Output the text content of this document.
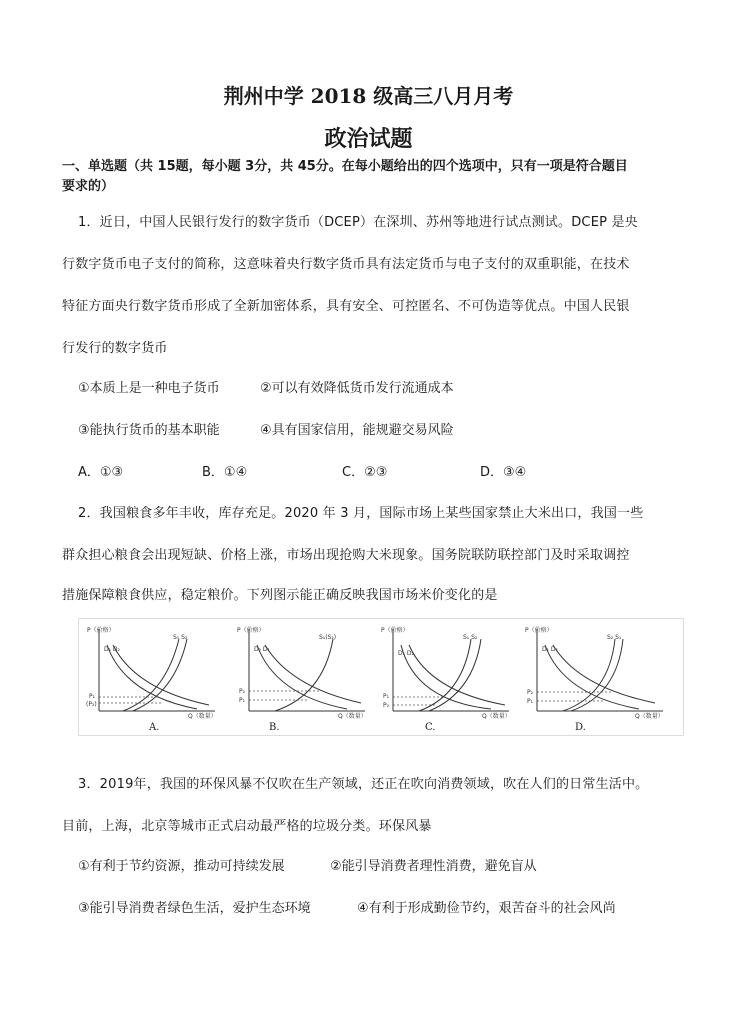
荆州中学 2018 级高三八月月考
政治试题
一、单选题（共 15题，每小题 3分，共 45分。在每小题给出的四个选项中，只有一项是符合题目
要求的）
1．近日，中国人民银行发行的数字货币（DCEP）在深圳、苏州等地进行试点测试。DCEP 是央
行数字货币电子支付的简称，这意味着央行数字货币具有法定货币与电子支付的双重职能，在技术
特征方面央行数字货币形成了全新加密体系，具有安全、可控匿名、不可伪造等优点。中国人民银
行发行的数字货币
①本质上是一种电子货币	②可以有效降低货币发行流通成本
③能执行货币的基本职能	④具有国家信用，能规避交易风险
A．①③	B．①④	C．②③	D．③④
2．我国粮食多年丰收，库存充足。2020 年 3 月，国际市场上某些国家禁止大米出口，我国一些
群众担心粮食会出现短缺、价格上涨，市场出现抢购大米现象。国务院联防联控部门及时采取调控
措施保障粮食供应，稳定粮价。下列图示能正确反映我国市场米价变化的是
P（价格）
Q（数量）
D₁ D₂
S₁ S₂
P₁
(P₂)
P（价格）
Q（数量）
D₂ D₁
S₁(S₂)
P₂
P₁
P（价格）
Q（数量）
D₁ D₂
S₁ S₂
P₁
P₂
P（价格）
Q（数量）
D₁ D₂
S₂ S₁
P₂
P₁
A.	B.	C.	D.
3．2019年，我国的环保风暴不仅吹在生产领域，还正在吹向消费领域，吹在人们的日常生活中。
目前，上海，北京等城市正式启动最严格的垃圾分类。环保风暴
①有利于节约资源，推动可持续发展	②能引导消费者理性消费，避免盲从
③能引导消费者绿色生活，爱护生态环境	④有利于形成勤俭节约，艰苦奋斗的社会风尚
